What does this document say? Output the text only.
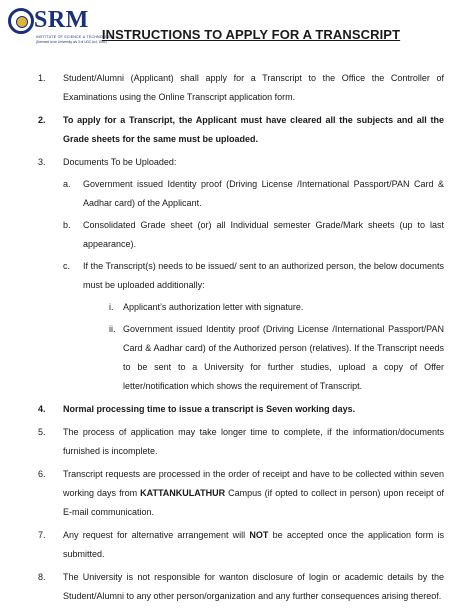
SRM
INSTITUTE OF SCIENCE & TECHNOLOGY
(Deemed to be University u/s 3 of UGC Act, 1956)
INSTRUCTIONS TO APPLY FOR A TRANSCRIPT
1. Student/Alumni (Applicant) shall apply for a Transcript to the Office the Controller of Examinations using the Online Transcript application form.
2. To apply for a Transcript, the Applicant must have cleared all the subjects and all the Grade sheets for the same must be uploaded.
3. Documents To be Uploaded:
a. Government issued Identity proof (Driving License /International Passport/PAN Card & Aadhar card) of the Applicant.
b. Consolidated Grade sheet (or) all Individual semester Grade/Mark sheets (up to last appearance).
c. If the Transcript(s) needs to be issued/ sent to an authorized person, the below documents must be uploaded additionally:
i. Applicant’s authorization letter with signature.
ii. Government issued Identity proof (Driving License /International Passport/PAN Card & Aadhar card) of the Authorized person (relatives). If the Transcript needs to be sent to a University for further studies, upload a copy of Offer letter/notification which shows the requirement of Transcript.
4. Normal processing time to issue a transcript is Seven working days.
5. The process of application may take longer time to complete, if the information/documents furnished is incomplete.
6. Transcript requests are processed in the order of receipt and have to be collected within seven working days from KATTANKULATHUR Campus (if opted to collect in person) upon receipt of E-mail communication.
7. Any request for alternative arrangement will NOT be accepted once the application form is submitted.
8. The University is not responsible for wanton disclosure of login or academic details by the Student/Alumni to any other person/organization and any further consequences arising thereof.
